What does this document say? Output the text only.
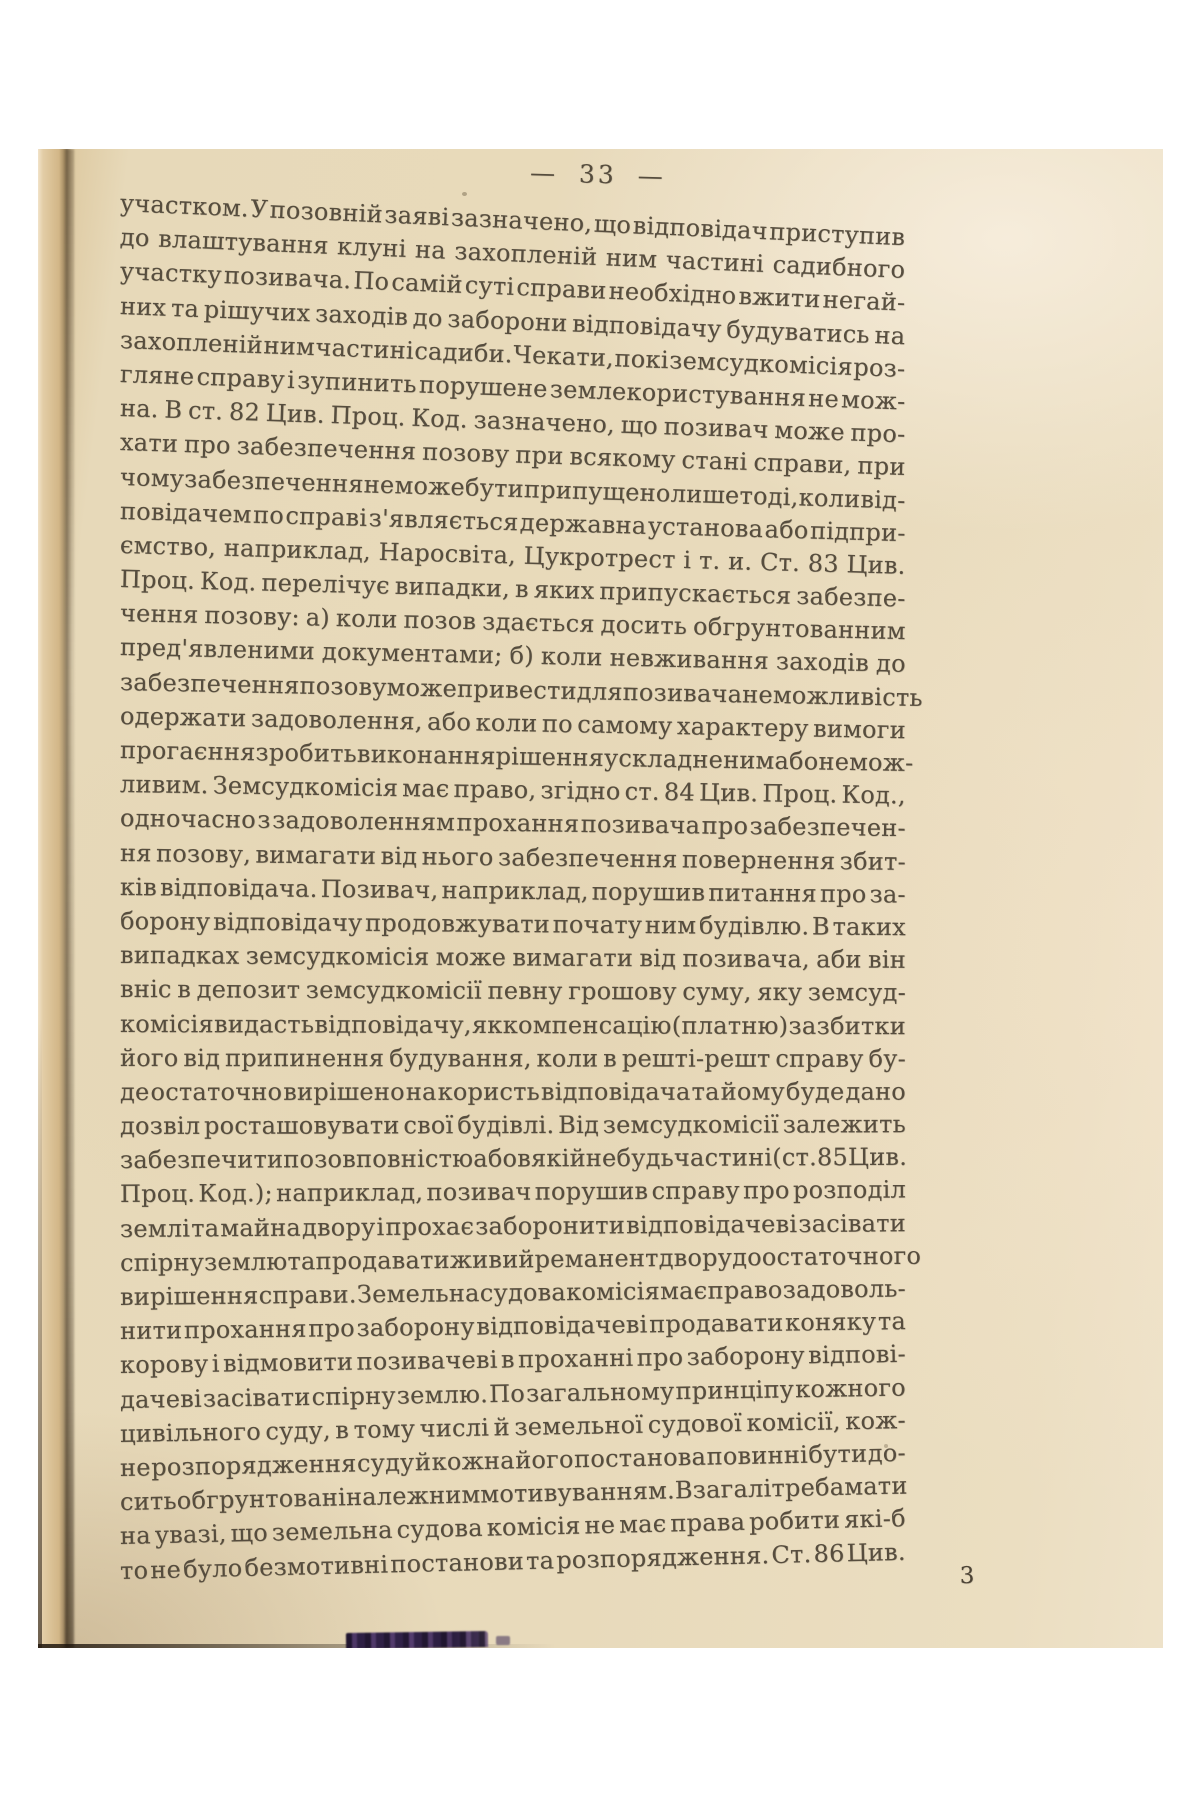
— 33 —
участком. У позовній заяві зазначено, що відповідач приступив
до влаштування клуні на захопленій ним частині садибного
участку позивача. По самій суті справи необхідно вжити негай-
них та рішучих заходів до заборони відповідачу будуватись на
захопленій ним частині садиби. Чекати, покі земсудкомісія роз-
гляне справу і зупинить порушене землекористування не мож-
на. В ст. 82 Цив. Проц. Код. зазначено, що позивач може про-
хати про забезпечення позову при всякому стані справи, при
чому забезпечення не може бути припущено лише тоді, коли від-
повідачем по справі з'являється державна установа або підпри-
ємство, наприклад, Наросвіта, Цукротрест і т. и. Ст. 83 Цив.
Проц. Код. перелічує випадки, в яких припускається забезпе-
чення позову: а) коли позов здається досить обгрунтованним
пред'явленими документами; б) коли невживання заходів до
забезпечення позову може привести для позивача неможливість
одержати задоволення, або коли по самому характеру вимоги
прогаєння зробить виконання рішення ускладненим або немож-
ливим. Земсудкомісія має право, згідно ст. 84 Цив. Проц. Код.,
одночасно з задоволенням прохання позивача про забезпечен-
ня позову, вимагати від нього забезпечення повернення збит-
ків відповідача. Позивач, наприклад, порушив питання про за-
борону відповідачу продовжувати почату ним будівлю. В таких
випадках земсудкомісія може вимагати від позивача, аби він
вніс в депозит земсудкомісії певну грошову суму, яку земсуд-
комісія видасть відповідачу, як компенсацію (платню) за збитки
його від припинення будування, коли в решті-решт справу бу-
де остаточно вирішено на користь відповідача та йому буде дано
дозвіл росташовувати свої будівлі. Від земсудкомісії залежить
забезпечити позов повністю або в якій небудь частині (ст. 85 Цив.
Проц. Код.); наприклад, позивач порушив справу про розподіл
землі та майна двору і прохає заборонити відповідачеві засівати
спірну землю та продавати живий реманент двору до остаточного
вирішення справи. Земельна судова комісія має право задоволь-
нити прохання про заборону відповідачеві продавати коняку та
корову і відмовити позивачеві в проханні про заборону відпові-
дачеві засівати спірну землю. По загальному принціпу кожного
цивільного суду, в тому числі й земельної судової комісії, кож-
не розпорядження суду й кожна його постанова повинні бути до-
сить обгрунтовані належним мотивуванням. Взагалі треба мати
на увазі, що земельна судова комісія не має права робити які-б
то не було безмотивні постанови та розпорядження. Ст. 86 Цив.
3
